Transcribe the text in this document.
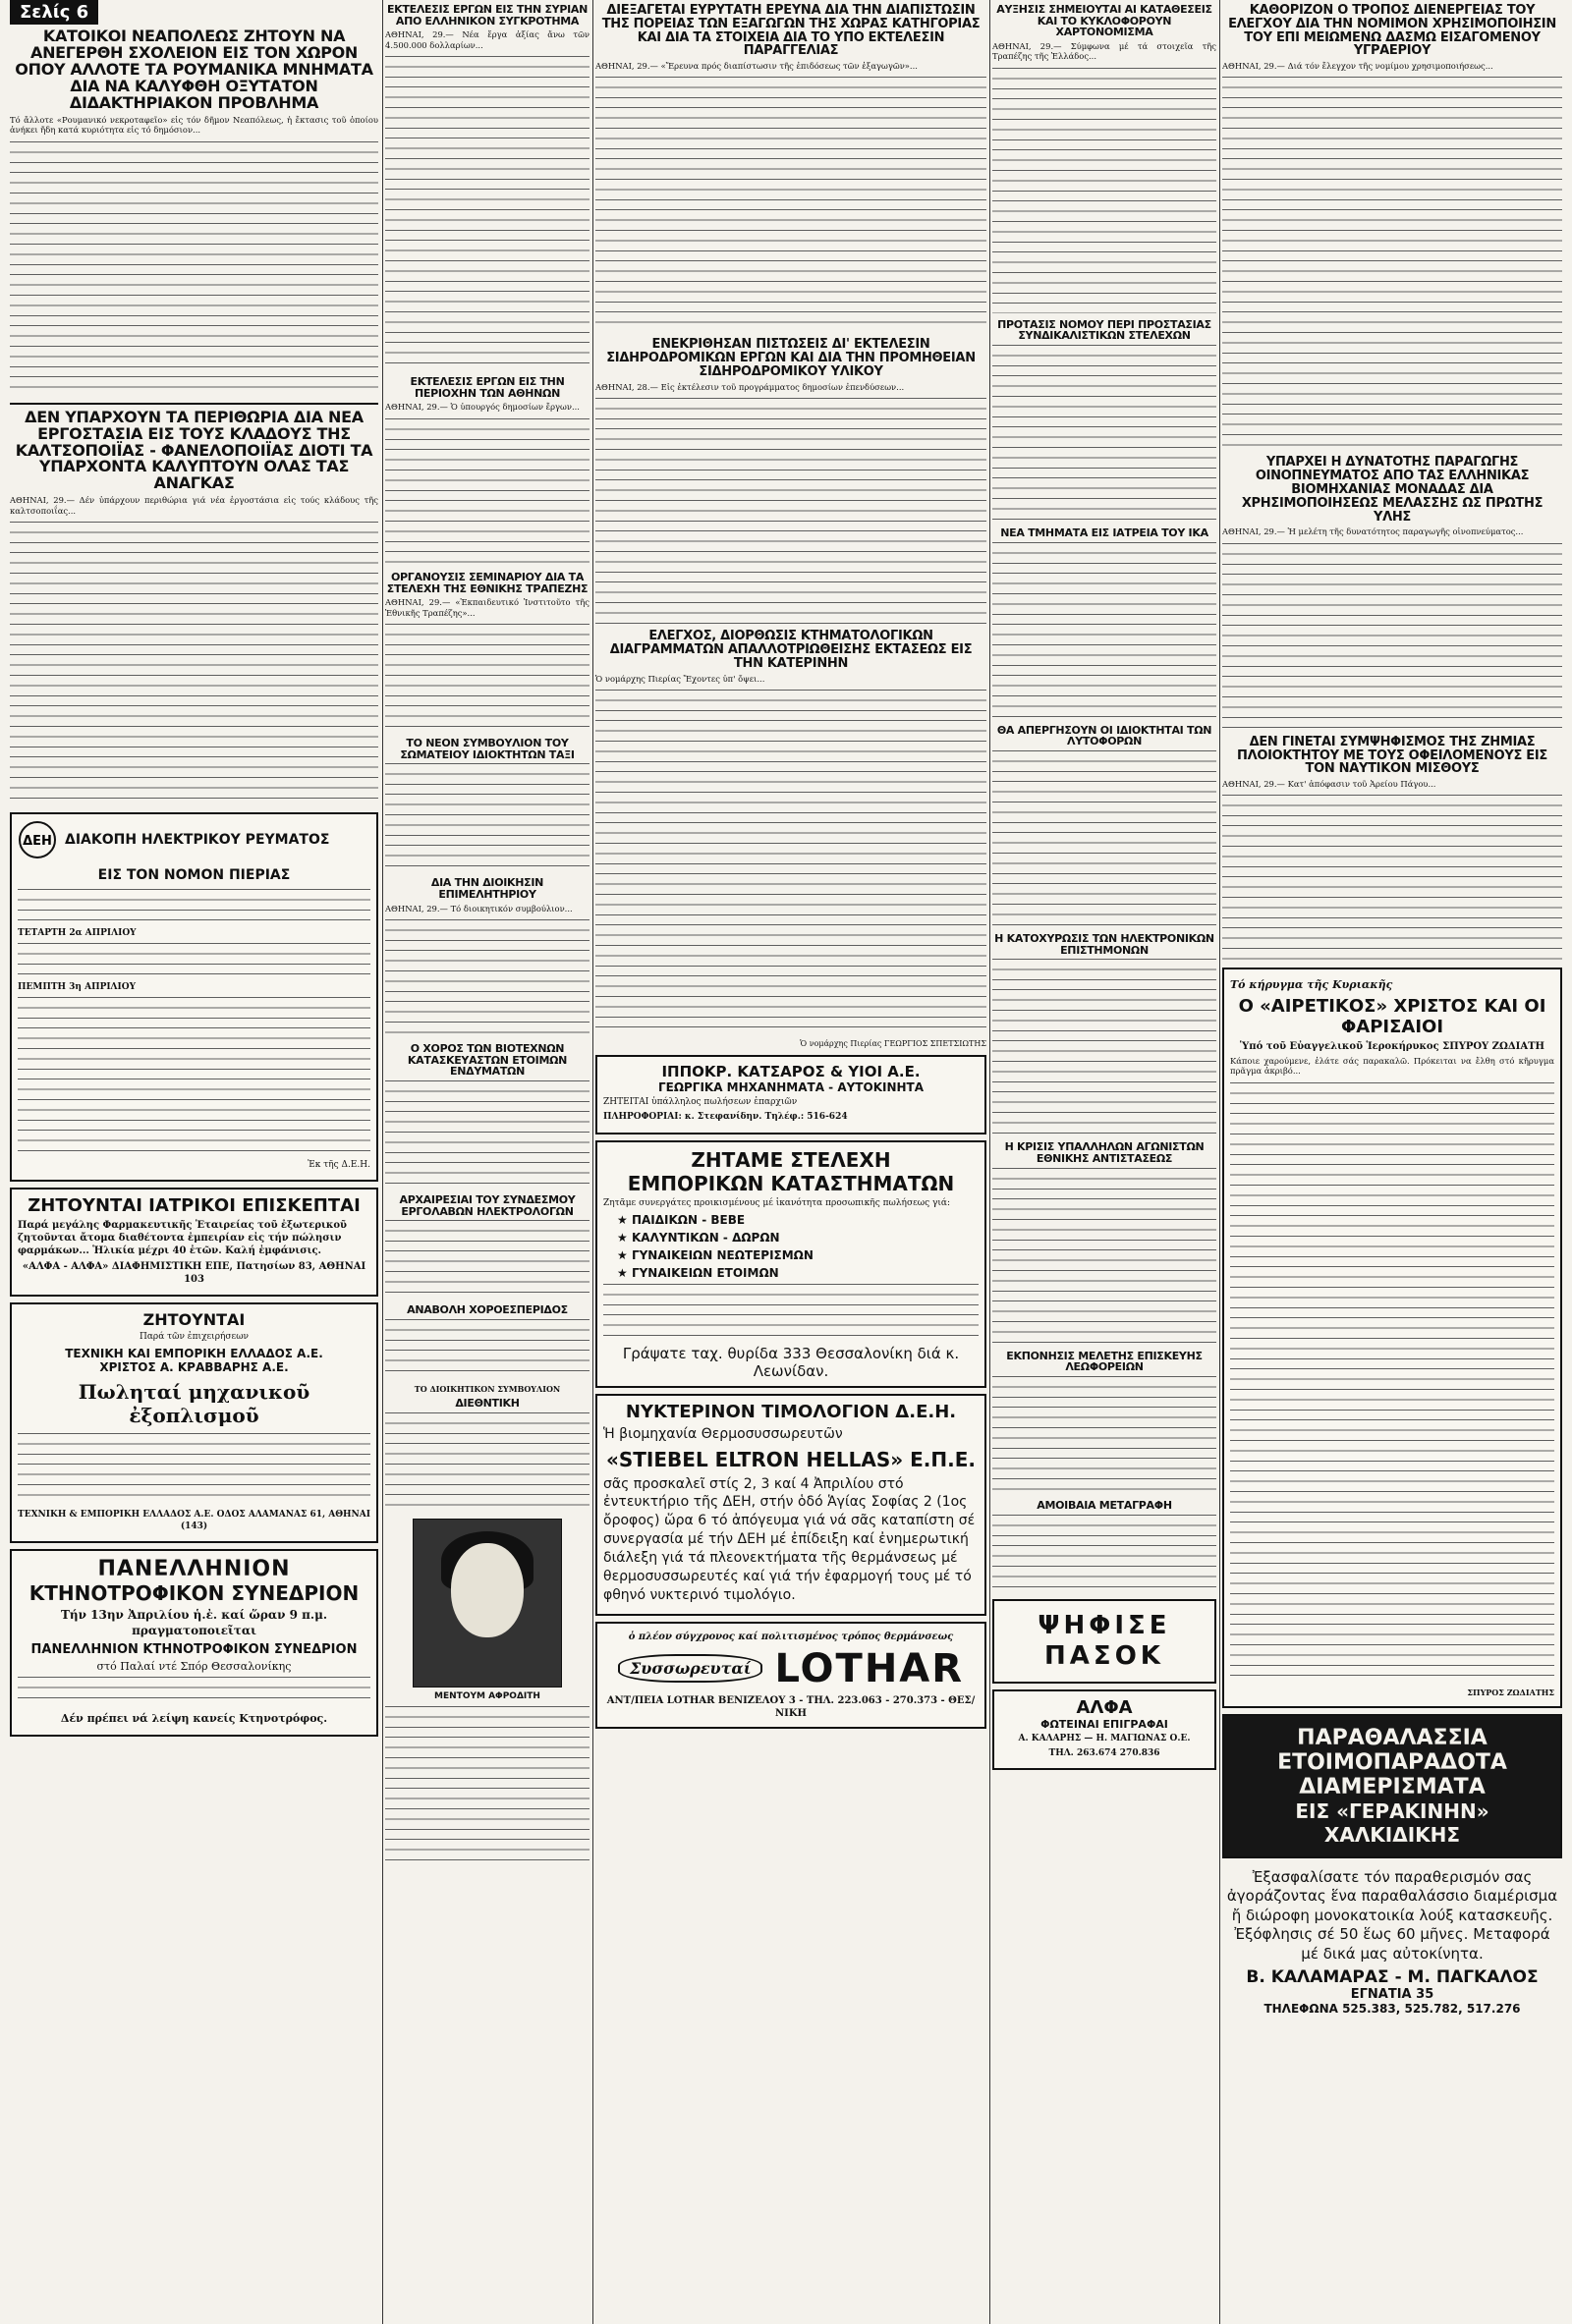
Σελίς 6
ΚΑΤΟΙΚΟΙ ΝΕΑΠΟΛΕΩΣ ΖΗΤΟΥΝ ΝΑ ΑΝΕΓΕΡΘΗ ΣΧΟΛΕΙΟΝ ΕΙΣ ΤΟΝ ΧΩΡΟΝ ΟΠΟΥ ΑΛΛΟΤΕ ΤΑ ΡΟΥΜΑΝΙΚΑ ΜΝΗΜΑΤΑ ΔΙΑ ΝΑ ΚΑΛΥΦΘΗ ΟΞΥΤΑΤΟΝ ΔΙΔΑΚΤΗΡΙΑΚΟΝ ΠΡΟΒΛΗΜΑ
Τό ἄλλοτε «Ρουμανικό νεκροταφεῖο» εἰς τόν δῆμον Νεαπόλεως, ἡ ἔκτασις τοῦ ὁποίου ἀνήκει ἤδη κατά κυριότητα εἰς τό δημόσιον...
ΔΕΝ ΥΠΑΡΧΟΥΝ ΤΑ ΠΕΡΙΘΩΡΙΑ ΔΙΑ ΝΕΑ ΕΡΓΟΣΤΑΣΙΑ ΕΙΣ ΤΟΥΣ ΚΛΑΔΟΥΣ ΤΗΣ ΚΑΛΤΣΟΠΟΙΪΑΣ - ΦΑΝΕΛΟΠΟΙΪΑΣ ΔΙΟΤΙ ΤΑ ΥΠΑΡΧΟΝΤΑ ΚΑΛΥΠΤΟΥΝ ΟΛΑΣ ΤΑΣ ΑΝΑΓΚΑΣ
ΑΘΗΝΑΙ, 29.— Δέν ὑπάρχουν περιθώρια γιά νέα ἐργοστάσια εἰς τούς κλάδους τῆς καλτσοποιΐας...
ΔΕΗ ΔΙΑΚΟΠΗ ΗΛΕΚΤΡΙΚΟΥ ΡΕΥΜΑΤΟΣ
ΕΙΣ ΤΟΝ ΝΟΜΟΝ ΠΙΕΡΙΑΣ
ΤΕΤΑΡΤΗ 2α ΑΠΡΙΛΙΟΥ
ΠΕΜΠΤΗ 3η ΑΠΡΙΛΙΟΥ
Ἐκ τῆς Δ.Ε.Η.
ΖΗΤΟΥΝΤΑΙ ΙΑΤΡΙΚΟΙ ΕΠΙΣΚΕΠΤΑΙ
Παρά μεγάλης Φαρμακευτικῆς Ἑταιρείας τοῦ ἐξωτερικοῦ ζητοῦνται ἄτομα διαθέτοντα ἐμπειρίαν εἰς τήν πώλησιν φαρμάκων... Ἡλικία μέχρι 40 ἐτῶν. Καλή ἐμφάνισις.
«ΑΛΦΑ - ΑΛΦΑ» ΔΙΑΦΗΜΙΣΤΙΚΗ ΕΠΕ, Πατησίων 83, ΑΘΗΝΑΙ 103
ΖΗΤΟΥΝΤΑΙ
Παρά τῶν ἐπιχειρήσεων
ΤΕΧΝΙΚΗ ΚΑΙ ΕΜΠΟΡΙΚΗ ΕΛΛΑΔΟΣ Α.Ε.
ΧΡΙΣΤΟΣ Α. ΚΡΑΒΒΑΡΗΣ Α.Ε.
Πωληταί μηχανικοῦ ἐξοπλισμοῦ
ΤΕΧΝΙΚΗ & ΕΜΠΟΡΙΚΗ ΕΛΛΑΔΟΣ Α.Ε. ΟΔΟΣ ΑΛΑΜΑΝΑΣ 61, ΑΘΗΝΑΙ (143)
ΠΑΝΕΛΛΗΝΙΟΝ
ΚΤΗΝΟΤΡΟΦΙΚΟΝ ΣΥΝΕΔΡΙΟΝ
Τήν 13ην Ἀπριλίου ἡ.ἐ. καί ὥραν 9 π.μ. πραγματοποιεῖται
ΠΑΝΕΛΛΗΝΙΟΝ ΚΤΗΝΟΤΡΟΦΙΚΟΝ ΣΥΝΕΔΡΙΟΝ
στό Παλαί ντέ Σπόρ Θεσσαλονίκης
Δέν πρέπει νά λείψη κανείς Κτηνοτρόφος.
ΕΚΤΕΛΕΣΙΣ ΕΡΓΩΝ ΕΙΣ ΤΗΝ ΣΥΡΙΑΝ ΑΠΟ ΕΛΛΗΝΙΚΟΝ ΣΥΓΚΡΟΤΗΜΑ
ΑΘΗΝΑΙ, 29.— Νέα ἔργα ἀξίας ἄνω τῶν 4.500.000 δολλαρίων...
ΕΚΤΕΛΕΣΙΣ ΕΡΓΩΝ ΕΙΣ ΤΗΝ ΠΕΡΙΟΧΗΝ ΤΩΝ ΑΘΗΝΩΝ
ΑΘΗΝΑΙ, 29.— Ὁ ὑπουργός δημοσίων ἔργων...
ΟΡΓΑΝΟΥΣΙΣ ΣΕΜΙΝΑΡΙΟΥ ΔΙΑ ΤΑ ΣΤΕΛΕΧΗ ΤΗΣ ΕΘΝΙΚΗΣ ΤΡΑΠΕΖΗΣ
ΑΘΗΝΑΙ, 29.— «Ἐκπαιδευτικό Ἰνστιτοῦτο τῆς Ἐθνικῆς Τραπέζης»...
ΤΟ ΝΕΟΝ ΣΥΜΒΟΥΛΙΟΝ ΤΟΥ ΣΩΜΑΤΕΙΟΥ ΙΔΙΟΚΤΗΤΩΝ ΤΑΞΙ
ΔΙΑ ΤΗΝ ΔΙΟΙΚΗΣΙΝ ΕΠΙΜΕΛΗΤΗΡΙΟΥ
ΑΘΗΝΑΙ, 29.— Τό διοικητικόν συμβούλιον...
Ο ΧΟΡΟΣ ΤΩΝ ΒΙΟΤΕΧΝΩΝ ΚΑΤΑΣΚΕΥΑΣΤΩΝ ΕΤΟΙΜΩΝ ΕΝΔΥΜΑΤΩΝ
ΑΡΧΑΙΡΕΣΙΑΙ ΤΟΥ ΣΥΝΔΕΣΜΟΥ ΕΡΓΟΛΑΒΩΝ ΗΛΕΚΤΡΟΛΟΓΩΝ
ΑΝΑΒΟΛΗ ΧΟΡΟΕΣΠΕΡΙΔΟΣ
ΤΟ ΔΙΟΙΚΗΤΙΚΟΝ ΣΥΜΒΟΥΛΙΟΝ
ΔΙΕΘΝΤΙΚΗ
ΜΕΝΤΟΥΜ ΑΦΡΟΔΙΤΗ
ΔΙΕΞΑΓΕΤΑΙ ΕΥΡΥΤΑΤΗ ΕΡΕΥΝΑ ΔΙΑ ΤΗΝ ΔΙΑΠΙΣΤΩΣΙΝ ΤΗΣ ΠΟΡΕΙΑΣ ΤΩΝ ΕΞΑΓΩΓΩΝ ΤΗΣ ΧΩΡΑΣ ΚΑΤΗΓΟΡΙΑΣ ΚΑΙ ΔΙΑ ΤΑ ΣΤΟΙΧΕΙΑ ΔΙΑ ΤΟ ΥΠΟ ΕΚΤΕΛΕΣΙΝ ΠΑΡΑΓΓΕΛΙΑΣ
ΑΘΗΝΑΙ, 29.— «Ἔρευνα πρός διαπίστωσιν τῆς ἐπιδόσεως τῶν ἐξαγωγῶν»...
ΕΝΕΚΡΙΘΗΣΑΝ ΠΙΣΤΩΣΕΙΣ ΔΙ' ΕΚΤΕΛΕΣΙΝ ΣΙΔΗΡΟΔΡΟΜΙΚΩΝ ΕΡΓΩΝ ΚΑΙ ΔΙΑ ΤΗΝ ΠΡΟΜΗΘΕΙΑΝ ΣΙΔΗΡΟΔΡΟΜΙΚΟΥ ΥΛΙΚΟΥ
ΑΘΗΝΑΙ, 28.— Εἰς ἐκτέλεσιν τοῦ προγράμματος δημοσίων ἐπενδύσεων...
ΕΛΕΓΧΟΣ, ΔΙΟΡΘΩΣΙΣ ΚΤΗΜΑΤΟΛΟΓΙΚΩΝ ΔΙΑΓΡΑΜΜΑΤΩΝ ΑΠΑΛΛΟΤΡΙΩΘΕΙΣΗΣ ΕΚΤΑΣΕΩΣ ΕΙΣ ΤΗΝ ΚΑΤΕΡΙΝΗΝ
Ὁ νομάρχης Πιερίας Ἔχοντες ὑπ' ὄψει...
Ὁ νομάρχης Πιερίας ΓΕΩΡΓΙΟΣ ΣΠΕΤΣΙΩΤΗΣ
ΙΠΠΟΚΡ. ΚΑΤΣΑΡΟΣ & ΥΙΟΙ Α.Ε.
ΓΕΩΡΓΙΚΑ ΜΗΧΑΝΗΜΑΤΑ - ΑΥΤΟΚΙΝΗΤΑ
ΖΗΤΕΙΤΑΙ ὑπάλληλος πωλήσεων ἐπαρχιῶν
ΠΛΗΡΟΦΟΡΙΑΙ: κ. Στεφανίδην. Τηλέφ.: 516-624
ΖΗΤΑΜΕ ΣΤΕΛΕΧΗ
ΕΜΠΟΡΙΚΩΝ ΚΑΤΑΣΤΗΜΑΤΩΝ
Ζητᾶμε συνεργάτες προικισμένους μέ ἱκανότητα προσωπικῆς πωλήσεως γιά:
★ ΠΑΙΔΙΚΩΝ - ΒΕΒΕ
★ ΚΑΛΥΝΤΙΚΩΝ - ΔΩΡΩΝ
★ ΓΥΝΑΙΚΕΙΩΝ ΝΕΩΤΕΡΙΣΜΩΝ
★ ΓΥΝΑΙΚΕΙΩΝ ΕΤΟΙΜΩΝ
Γράψατε ταχ. θυρίδα 333 Θεσσαλονίκη διά κ. Λεωνίδαν.
ΝΥΚΤΕΡΙΝΟΝ ΤΙΜΟΛΟΓΙΟΝ Δ.Ε.Η.
Ἡ βιομηχανία Θερμοσυσσωρευτῶν
«STIEBEL ELTRON HELLAS» Ε.Π.Ε.
σᾶς προσκαλεῖ στίς 2, 3 καί 4 Ἀπριλίου στό ἐντευκτήριο τῆς ΔΕΗ, στήν ὁδό Ἁγίας Σοφίας 2 (1ος ὄροφος) ὥρα 6 τό ἀπόγευμα γιά νά σᾶς καταπίστη σέ συνεργασία μέ τήν ΔΕΗ μέ ἐπίδειξη καί ἐνημερωτική διάλεξη γιά τά πλεονεκτήματα τῆς θερμάνσεως μέ θερμοσυσσωρευτές καί γιά τήν ἐφαρμογή τους μέ τό φθηνό νυκτερινό τιμολόγιο.
ὁ πλέον σύγχρονος καί πολιτισμένος τρόπος θερμάνσεως
Συσσωρευταί LOTHAR
ΑΝΤ/ΠΕΙΑ LOTHAR ΒΕΝΙΖΕΛΟΥ 3 - ΤΗΛ. 223.063 - 270.373 - ΘΕΣ/ΝΙΚΗ
ΑΥΞΗΣΙΣ ΣΗΜΕΙΟΥΤΑΙ ΑΙ ΚΑΤΑΘΕΣΕΙΣ ΚΑΙ ΤΟ ΚΥΚΛΟΦΟΡΟΥΝ ΧΑΡΤΟΝΟΜΙΣΜΑ
ΑΘΗΝΑΙ, 29.— Σύμφωνα μέ τά στοιχεῖα τῆς Τραπέζης τῆς Ἑλλάδος...
ΠΡΟΤΑΣΙΣ ΝΟΜΟΥ ΠΕΡΙ ΠΡΟΣΤΑΣΙΑΣ ΣΥΝΔΙΚΑΛΙΣΤΙΚΩΝ ΣΤΕΛΕΧΩΝ
ΝΕΑ ΤΜΗΜΑΤΑ ΕΙΣ ΙΑΤΡΕΙΑ ΤΟΥ ΙΚΑ
ΘΑ ΑΠΕΡΓΗΣΟΥΝ ΟΙ ΙΔΙΟΚΤΗΤΑΙ ΤΩΝ ΛΥΤΟΦΟΡΩΝ
Η ΚΑΤΟΧΥΡΩΣΙΣ ΤΩΝ ΗΛΕΚΤΡΟΝΙΚΩΝ ΕΠΙΣΤΗΜΟΝΩΝ
Η ΚΡΙΣΙΣ ΥΠΑΛΛΗΛΩΝ ΑΓΩΝΙΣΤΩΝ ΕΘΝΙΚΗΣ ΑΝΤΙΣΤΑΣΕΩΣ
ΕΚΠΟΝΗΣΙΣ ΜΕΛΕΤΗΣ ΕΠΙΣΚΕΥΗΣ ΛΕΩΦΟΡΕΙΩΝ
ΑΜΟΙΒΑΙΑ ΜΕΤΑΓΡΑΦΗ
ΨΗΦΙΣΕ ΠΑΣΟΚ
ΑΛΦΑ
ΦΩΤΕΙΝΑΙ ΕΠΙΓΡΑΦΑΙ
Α. ΚΑΛΑΡΗΣ — Η. ΜΑΓΙΩΝΑΣ Ο.Ε.
ΤΗΛ. 263.674 270.836
ΚΑΘΟΡΙΖΟΝ Ο ΤΡΟΠΟΣ ΔΙΕΝΕΡΓΕΙΑΣ ΤΟΥ ΕΛΕΓΧΟΥ ΔΙΑ ΤΗΝ ΝΟΜΙΜΟΝ ΧΡΗΣΙΜΟΠΟΙΗΣΙΝ ΤΟΥ ΕΠΙ ΜΕΙΩΜΕΝΩ ΔΑΣΜΩ ΕΙΣΑΓΟΜΕΝΟΥ ΥΓΡΑΕΡΙΟΥ
ΑΘΗΝΑΙ, 29.— Διά τόν ἔλεγχον τῆς νομίμου χρησιμοποιήσεως...
ΥΠΑΡΧΕΙ Η ΔΥΝΑΤΟΤΗΣ ΠΑΡΑΓΩΓΗΣ ΟΙΝΟΠΝΕΥΜΑΤΟΣ ΑΠΟ ΤΑΣ ΕΛΛΗΝΙΚΑΣ ΒΙΟΜΗΧΑΝΙΑΣ ΜΟΝΑΔΑΣ ΔΙΑ ΧΡΗΣΙΜΟΠΟΙΗΣΕΩΣ ΜΕΛΑΣΣΗΣ ΩΣ ΠΡΩΤΗΣ ΥΛΗΣ
ΑΘΗΝΑΙ, 29.— Ἡ μελέτη τῆς δυνατότητος παραγωγῆς οἰνοπνεύματος...
ΔΕΝ ΓΙΝΕΤΑΙ ΣΥΜΨΗΦΙΣΜΟΣ ΤΗΣ ΖΗΜΙΑΣ ΠΛΟΙΟΚΤΗΤΟΥ ΜΕ ΤΟΥΣ ΟΦΕΙΛΟΜΕΝΟΥΣ ΕΙΣ ΤΟΝ ΝΑΥΤΙΚΟΝ ΜΙΣΘΟΥΣ
ΑΘΗΝΑΙ, 29.— Κατ' ἀπόφασιν τοῦ Ἀρείου Πάγου...
Τό κήρυγμα τῆς Κυριακῆς
Ο «ΑΙΡΕΤΙΚΟΣ» ΧΡΙΣΤΟΣ ΚΑΙ ΟΙ ΦΑΡΙΣΑΙΟΙ
Ὑπό τοῦ Εὐαγγελικοῦ Ἱεροκήρυκος ΣΠΥΡΟΥ ΖΩΔΙΑΤΗ
Κάποιε χαρούμενε, ἐλάτε σάς παρακαλῶ. Πρόκειται να ἔλθη στό κῆρυγμα πρᾶγμα ἀκριβό...
ΣΠΥΡΟΣ ΖΩΔΙΑΤΗΣ
ΠΑΡΑΘΑΛΑΣΣΙΑ ΕΤΟΙΜΟΠΑΡΑΔΟΤΑ
ΔΙΑΜΕΡΙΣΜΑΤΑ
ΕΙΣ «ΓΕΡΑΚΙΝΗΝ» ΧΑΛΚΙΔΙΚΗΣ
Ἐξασφαλίσατε τόν παραθερισμόν σας ἀγοράζοντας ἕνα παραθαλάσσιο διαμέρισμα ἤ διώροφη μονοκατοικία λούξ κατασκευῆς. Ἐξόφλησις σέ 50 ἕως 60 μῆνες. Μεταφορά μέ δικά μας αὐτοκίνητα.
Β. ΚΑΛΑΜΑΡΑΣ - Μ. ΠΑΓΚΑΛΟΣ
ΕΓΝΑΤΙΑ 35
ΤΗΛΕΦΩΝΑ 525.383, 525.782, 517.276
